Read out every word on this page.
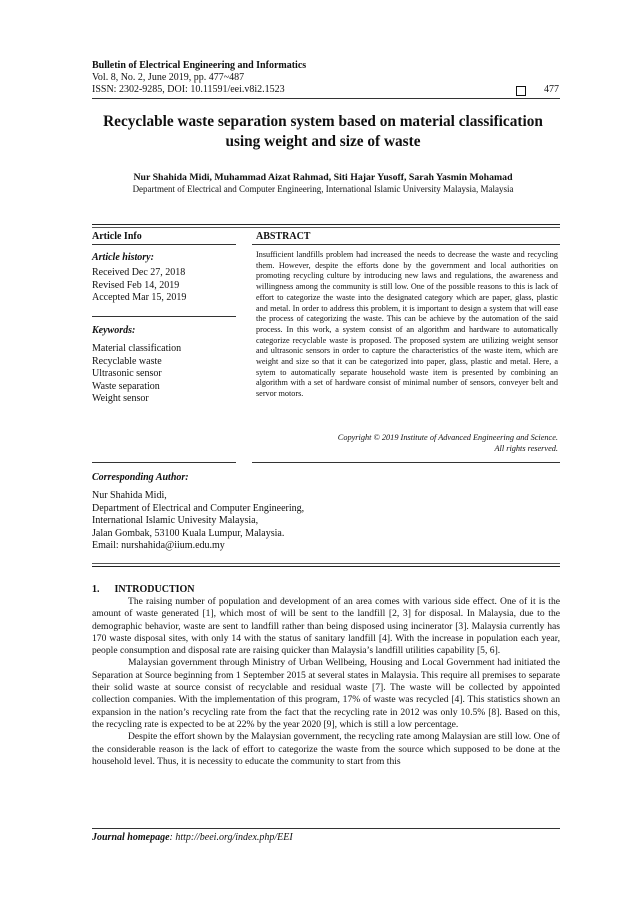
Bulletin of Electrical Engineering and Informatics
Vol. 8, No. 2, June 2019, pp. 477~487
ISSN: 2302-9285, DOI: 10.11591/eei.v8i2.1523	477
Recyclable waste separation system based on material classification using weight and size of waste
Nur Shahida Midi, Muhammad Aizat Rahmad, Siti Hajar Yusoff, Sarah Yasmin Mohamad
Department of Electrical and Computer Engineering, International Islamic University Malaysia, Malaysia
Article Info	ABSTRACT
Article history:
Received Dec 27, 2018
Revised Feb 14, 2019
Accepted Mar 15, 2019
Keywords:
Material classification
Recyclable waste
Ultrasonic sensor
Waste separation
Weight sensor
Insufficient landfills problem had increased the needs to decrease the waste and recycling them. However, despite the efforts done by the government and local authorities on promoting recycling culture by introducing new laws and regulations, the awareness and willingness among the community is still low. One of the possible reasons to this is lack of effort to categorize the waste into the designated category which are paper, glass, plastic and metal. In order to address this problem, it is important to design a system that will ease the process of categorizing the waste. This can be achieve by the automation of the said process. In this work, a system consist of an algorithm and hardware to automatically categorize recyclable waste is proposed. The proposed system are utilizing weight sensor and ultrasonic sensors in order to capture the characteristics of the waste item, which are weight and size so that it can be categorized into paper, glass, plastic and metal. Here, a sytem to automatically separate household waste item is presented by combining an algorithm with a set of hardware consist of minimal number of sensors, conveyer belt and servor motors.
Copyright © 2019 Institute of Advanced Engineering and Science.
All rights reserved.
Corresponding Author:
Nur Shahida Midi,
Department of Electrical and Computer Engineering,
International Islamic Univesity Malaysia,
Jalan Gombak, 53100 Kuala Lumpur, Malaysia.
Email: nurshahida@iium.edu.my
1.      INTRODUCTION

The raising number of population and development of an area comes with various side effect. One of it is the amount of waste generated [1], which most of will be sent to the landfill [2, 3] for disposal. In Malaysia, due to the demographic behavior, waste are sent to landfill rather than being disposed using incinerator [3]. Malaysia currently has 170 waste disposal sites, with only 14 with the status of sanitary landfill [4]. With the increase in population each year, people consumption and disposal rate are raising quicker than Malaysia’s landfill utilities capability [5, 6].

Malaysian government through Ministry of Urban Wellbeing, Housing and Local Government had initiated the Separation at Source beginning from 1 September 2015 at several states in Malaysia. This require all premises to separate their solid waste at source consist of recyclable and residual waste [7]. The waste will be collected by appointed collection companies. With the implementation of this program, 17% of waste was recycled [4]. This statistics shown an expansion in the nation’s recycling rate from the fact that the recycling rate in 2012 was only 10.5% [8]. Based on this, the recycling rate is expected to be at 22% by the year 2020 [9], which is still a low percentage.

Despite the effort shown by the Malaysian government, the recycling rate among Malaysian are still low. One of the considerable reason is the lack of effort to categorize the waste from the source which supposed to be done at the household level. Thus, it is necessity to educate the community to start from this

Journal homepage: http://beei.org/index.php/EEI
